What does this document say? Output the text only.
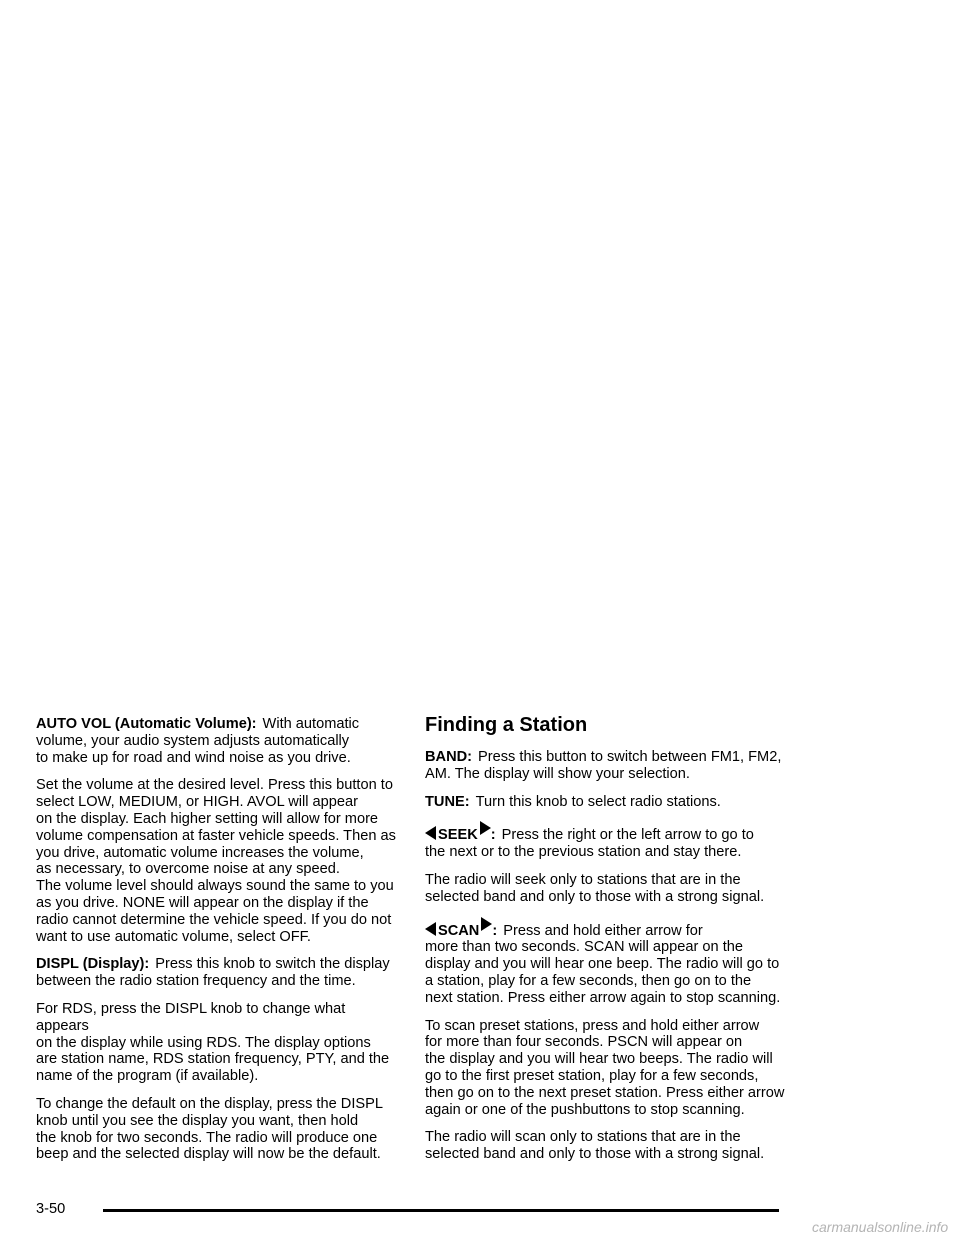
AUTO VOL (Automatic Volume): With automatic
volume, your audio system adjusts automatically
to make up for road and wind noise as you drive.

Set the volume at the desired level. Press this button to
select LOW, MEDIUM, or HIGH. AVOL will appear
on the display. Each higher setting will allow for more
volume compensation at faster vehicle speeds. Then as
you drive, automatic volume increases the volume,
as necessary, to overcome noise at any speed.
The volume level should always sound the same to you
as you drive. NONE will appear on the display if the
radio cannot determine the vehicle speed. If you do not
want to use automatic volume, select OFF.

DISPL (Display): Press this knob to switch the display
between the radio station frequency and the time.

For RDS, press the DISPL knob to change what appears
on the display while using RDS. The display options
are station name, RDS station frequency, PTY, and the
name of the program (if available).

To change the default on the display, press the DISPL
knob until you see the display you want, then hold
the knob for two seconds. The radio will produce one
beep and the selected display will now be the default.

Finding a Station

BAND: Press this button to switch between FM1, FM2,
AM. The display will show your selection.

TUNE: Turn this knob to select radio stations.

SEEK : Press the right or the left arrow to go to
the next or to the previous station and stay there.

The radio will seek only to stations that are in the
selected band and only to those with a strong signal.

SCAN : Press and hold either arrow for
more than two seconds. SCAN will appear on the
display and you will hear one beep. The radio will go to
a station, play for a few seconds, then go on to the
next station. Press either arrow again to stop scanning.

To scan preset stations, press and hold either arrow
for more than four seconds. PSCN will appear on
the display and you will hear two beeps. The radio will
go to the first preset station, play for a few seconds,
then go on to the next preset station. Press either arrow
again or one of the pushbuttons to stop scanning.

The radio will scan only to stations that are in the
selected band and only to those with a strong signal.

3-50
carmanualsonline.info
